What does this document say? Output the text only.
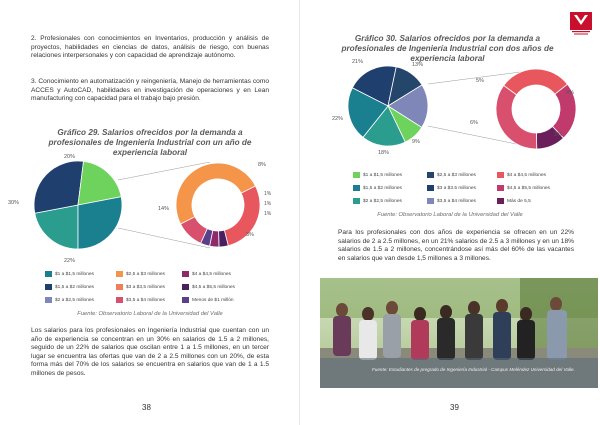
2. Profesionales con conocimientos en Inventarios, producción y análisis de proyectos, habilidades en ciencias de datos, análisis de riesgo, con buenas relaciones interpersonales y con capacidad de aprendizaje autónomo.

3. Conocimiento en automatización y reingeniería, Manejo de herramientas como ACCES y AutoCAD, habilidades en investigación de operaciones y en Lean manufacturing con capacidad para el trabajo bajo presión.

Gráfico 29. Salarios ofrecidos por la demanda a profesionales de Ingeniería Industrial con un año de experiencia laboral

20%
30%
22%
14%
8%
1%
1%
1%
3%
$1 a $1,5 millones	$2,5 a $3 millones	$4 a $4,5 millones
$1,5 a $2 millones	$3 a $3,5 millones	$4,5 a $5,5 millones
$2 a $2,5 millones	$3,5 a $4 millones	Menos de $1 millón

Fuente: Observatorio Laboral de la Universidad del Valle

Los salarios para los profesionales en Ingeniería Industrial que cuentan con un año de experiencia se concentran en un 30% en salarios de 1.5 a 2 millones, seguido de un 22% de salarios que oscilan entre 1 a 1.5 millones, en un tercer lugar se encuentra las ofertas que van de 2 a 2.5 millones con un 20%, de esta forma más del 70% de los salarios se encuentra en salarios que van de 1 a 1.5 millones de pesos.

38

Gráfico 30. Salarios ofrecidos por la demanda a profesionales de Ingeniería Industrial con dos años de experiencia laboral

21%	13%
22%
9%
18%
5%
4%
2%
6%
$1 a $1,5 millones	$2,5 a $3 millones	$4 a $4,5 millones
$1,5 a $2 millones	$3 a $3.5 millones	$4,5 a $5,5 millones
$2 a $2,5 millones	$3,5 a $4 millones	Más de 5,5

Fuente: Observatorio Laboral de la Universidad del Valle

Para los profesionales con dos años de experiencia se ofrecen en un 22% salarios de 2 a 2.5 millones, en un 21% salarios de 2.5 a 3 millones y en un 18% salarios de 1.5 a 2 millones, concentrándose así más del 60% de las vacantes en salarios que van desde 1,5 millones a 3 millones.

39

Fuente: Estudiantes de pregrado de Ingeniería Industrial - Campus Meléndez Universidad del Valle.
